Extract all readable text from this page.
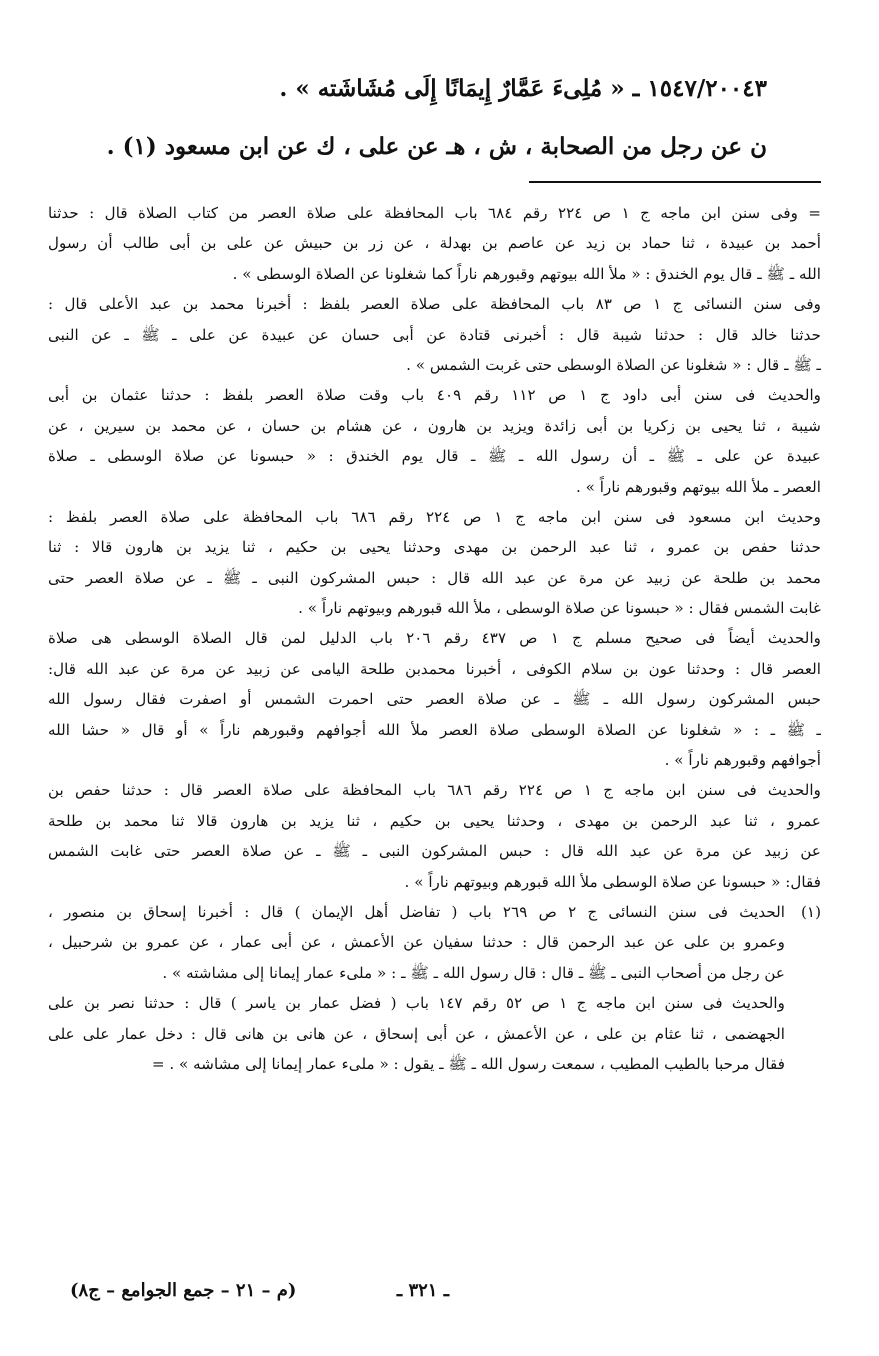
١٥٤٧/٢٠٠٤٣ ـ « مُلِىءَ عَمَّارٌ إِيمَانًا إِلَى مُشَاشَته » .
ن عن رجل من الصحابة ، ش ، هـ عن على ، ك عن ابن مسعود (١) .
= وفى سنن ابن ماجه ج ١ ص ٢٢٤ رقم ٦٨٤ باب المحافظة على صلاة العصر من كتاب الصلاة قال : حدثنا
أحمد بن عبيدة ، ثنا حماد بن زيد عن عاصم بن بهدلة ، عن زر بن حبيش عن على بن أبى طالب أن رسول
الله ـ ﷺ ـ قال يوم الخندق : « ملأ الله بيوتهم وقبورهم ناراً كما شغلونا عن الصلاة الوسطى » .
وفى سنن النسائى ج ١ ص ٨٣ باب المحافظة على صلاة العصر بلفظ : أخبرنا محمد بن عبد الأعلى قال :
حدثنا خالد قال : حدثنا شيبة قال : أخبرنى قتادة عن أبى حسان عن عبيدة عن على ـ ﷺ ـ عن النبى
ـ ﷺ ـ قال : « شغلونا عن الصلاة الوسطى حتى غربت الشمس » .
والحديث فى سنن أبى داود ج ١ ص ١١٢ رقم ٤٠٩ باب وقت صلاة العصر بلفظ : حدثنا عثمان بن أبى
شيبة ، ثنا يحيى بن زكريا بن أبى زائدة ويزيد بن هارون ، عن هشام بن حسان ، عن محمد بن سيرين ، عن
عبيدة عن على ـ ﷺ ـ أن رسول الله ـ ﷺ ـ قال يوم الخندق : « حبسونا عن صلاة الوسطى ـ صلاة
العصر ـ ملأ الله بيوتهم وقبورهم ناراً » .
وحديث ابن مسعود فى سنن ابن ماجه ج ١ ص ٢٢٤ رقم ٦٨٦ باب المحافظة على صلاة العصر بلفظ :
حدثنا حفص بن عمرو ، ثنا عبد الرحمن بن مهدى وحدثنا يحيى بن حكيم ، ثنا يزيد بن هارون قالا : ثنا
محمد بن طلحة عن زبيد عن مرة عن عبد الله قال : حبس المشركون النبى ـ ﷺ ـ عن صلاة العصر حتى
غابت الشمس فقال : « حبسونا عن صلاة الوسطى ، ملأ الله قبورهم وبيوتهم ناراً » .
والحديث أيضاً فى صحيح مسلم ج ١ ص ٤٣٧ رقم ٢٠٦ باب الدليل لمن قال الصلاة الوسطى هى صلاة
العصر قال : وحدثنا عون بن سلام الكوفى ، أخبرنا محمدبن طلحة اليامى عن زبيد عن مرة عن عبد الله قال:
حبس المشركون رسول الله ـ ﷺ ـ عن صلاة العصر حتى احمرت الشمس أو اصفرت فقال رسول الله
ـ ﷺ ـ : « شغلونا عن الصلاة الوسطى صلاة العصر ملأ الله أجوافهم وقبورهم ناراً » أو قال « حشا الله
أجوافهم وقبورهم ناراً » .
والحديث فى سنن ابن ماجه ج ١ ص ٢٢٤ رقم ٦٨٦ باب المحافظة على صلاة العصر قال : حدثنا حفص بن
عمرو ، ثنا عبد الرحمن بن مهدى ، وحدثنا يحيى بن حكيم ، ثنا يزيد بن هارون قالا ثنا محمد بن طلحة
عن زبيد عن مرة عن عبد الله قال : حبس المشركون النبى ـ ﷺ ـ عن صلاة العصر حتى غابت الشمس
فقال: « حبسونا عن صلاة الوسطى ملأ الله قبورهم وبيوتهم ناراً » .
(١)
الحديث فى سنن النسائى ج ٢ ص ٢٦٩ باب ( تفاضل أهل الإيمان ) قال : أخبرنا إسحاق بن منصور ،
وعمرو بن على عن عبد الرحمن قال : حدثنا سفيان عن الأعمش ، عن أبى عمار ، عن عمرو بن شرحبيل ،
عن رجل من أصحاب النبى ـ ﷺ ـ قال : قال رسول الله ـ ﷺ ـ : « ملىء عمار إيمانا إلى مشاشته » .
والحديث فى سنن ابن ماجه ج ١ ص ٥٢ رقم ١٤٧ باب ( فضل عمار بن ياسر ) قال : حدثنا نصر بن على
الجهضمى ، ثنا عثام بن على ، عن الأعمش ، عن أبى إسحاق ، عن هانى بن هانى قال : دخل عمار على على
فقال مرحبا بالطيب المطيب ، سمعت رسول الله ـ ﷺ ـ يقول : « ملىء عمار إيمانا إلى مشاشه » . =
ـ ٣٢١ ـ
(م – ٢١ – جمع الجوامع – ج٨)
